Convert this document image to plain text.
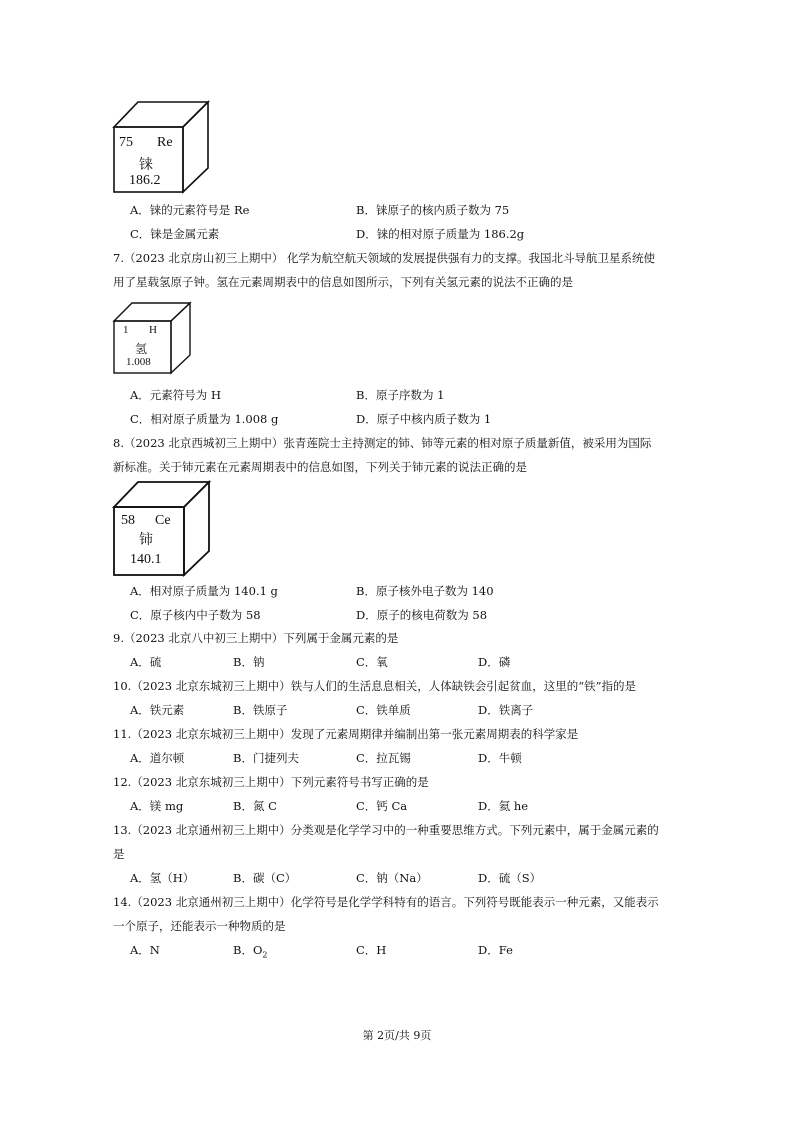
75 Re
铼
186.2
A．铼的元素符号是 Re	B．铼原子的核内质子数为 75
C．铼是金属元素	D．铼的相对原子质量为 186.2g
7.（2023 北京房山初三上期中） 化学为航空航天领域的发展提供强有力的支撑。我国北斗导航卫星系统使
用了星载氢原子钟。氢在元素周期表中的信息如图所示，下列有关氢元素的说法不正确的是
1 H
氢
1.008
A．元素符号为 H	B．原子序数为 1
C．相对原子质量为 1.008 g	D．原子中核内质子数为 1
8.（2023 北京西城初三上期中）张青莲院士主持测定的铈、铈等元素的相对原子质量新值，被采用为国际
新标准。关于铈元素在元素周期表中的信息如图，下列关于铈元素的说法正确的是
58 Ce
铈
140.1
A．相对原子质量为 140.1 g	B．原子核外电子数为 140
C．原子核内中子数为 58	D．原子的核电荷数为 58
9.（2023 北京八中初三上期中）下列属于金属元素的是
A．硫	B．钠	C．氧	D．磷
10.（2023 北京东城初三上期中）铁与人们的生活息息相关，人体缺铁会引起贫血，这里的“铁”指的是
A．铁元素	B．铁原子	C．铁单质	D．铁离子
11.（2023 北京东城初三上期中）发现了元素周期律并编制出第一张元素周期表的科学家是
A．道尔顿	B．门捷列夫	C．拉瓦锡	D．牛顿
12.（2023 北京东城初三上期中）下列元素符号书写正确的是
A．镁 mg	B．氮 C	C．钙 Ca	D．氦 he
13.（2023 北京通州初三上期中）分类观是化学学习中的一种重要思维方式。下列元素中，属于金属元素的
是
A．氢（H）	B．碳（C）	C．钠（Na）	D．硫（S）
14.（2023 北京通州初三上期中）化学符号是化学学科特有的语言。下列符号既能表示一种元素，又能表示
一个原子，还能表示一种物质的是
A．N	B．$O_2$	C．H	D．Fe
第 2页/共 9页
